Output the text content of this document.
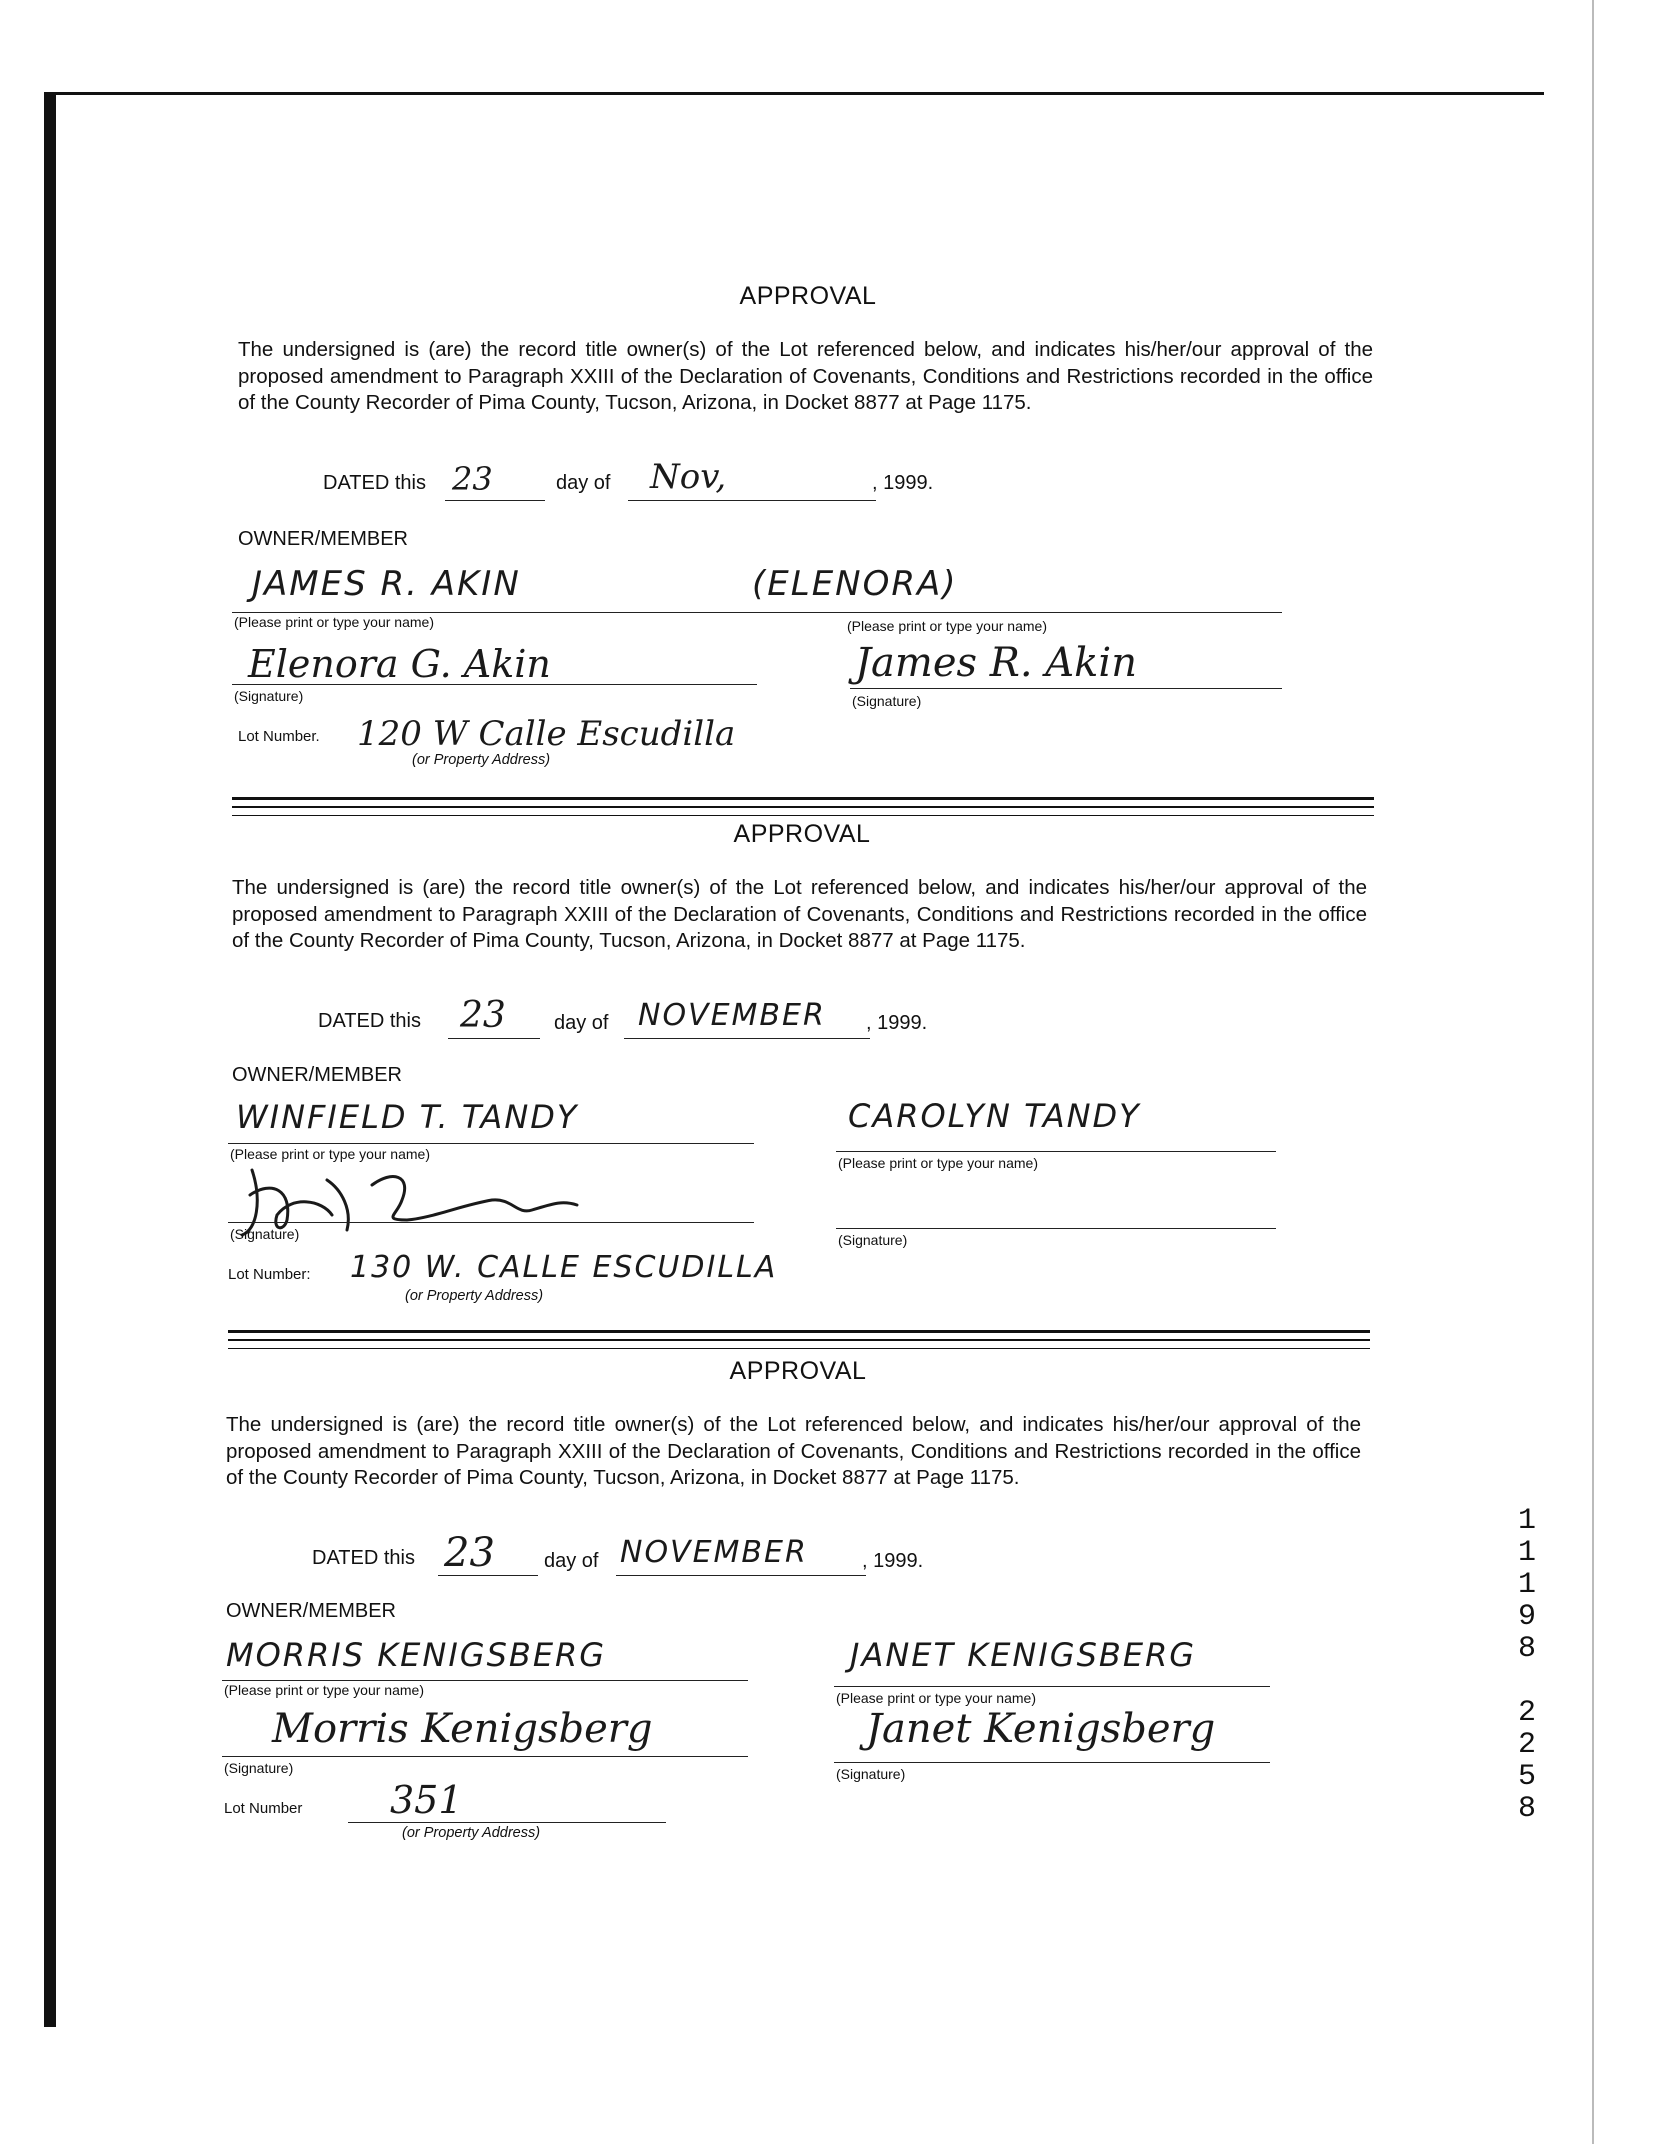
APPROVAL
The undersigned is (are) the record title owner(s) of the Lot referenced below, and indicates his/her/our approval of the proposed amendment to Paragraph XXIII of the Declaration of Covenants, Conditions and Restrictions recorded in the office of the County Recorder of Pima County, Tucson, Arizona, in Docket 8877 at Page 1175.
DATED this 23	day of Nov,	, 1999.
OWNER/MEMBER
JAMES R. AKIN	(ELENORA)
(Please print or type your name)	(Please print or type your name)
Elenora G. Akin
(Signature)
James R. Akin
(Signature)
Lot Number. 120 W Calle Escudilla
(or Property Address)
APPROVAL
The undersigned is (are) the record title owner(s) of the Lot referenced below, and indicates his/her/our approval of the proposed amendment to Paragraph XXIII of the Declaration of Covenants, Conditions and Restrictions recorded in the office of the County Recorder of Pima County, Tucson, Arizona, in Docket 8877 at Page 1175.
DATED this 23 day of NOVEMBER , 1999.
OWNER/MEMBER
WINFIELD T. TANDY
(Please print or type your name)
CAROLYN TANDY
(Please print or type your name)
(Signature)	(Signature)
Lot Number: 130 W. CALLE ESCUDILLA
(or Property Address)
APPROVAL
The undersigned is (are) the record title owner(s) of the Lot referenced below, and indicates his/her/our approval of the proposed amendment to Paragraph XXIII of the Declaration of Covenants, Conditions and Restrictions recorded in the office of the County Recorder of Pima County, Tucson, Arizona, in Docket 8877 at Page 1175.
DATED this 23 day of NOVEMBER	, 1999.
OWNER/MEMBER
MORRIS KENIGSBERG
(Please print or type your name)
JANET KENIGSBERG
(Please print or type your name)
Morris Kenigsberg
(Signature)
Janet Kenigsberg
(Signature)
Lot Number 351
(or Property Address)
1
1
1
9
8

2
2
5
8
